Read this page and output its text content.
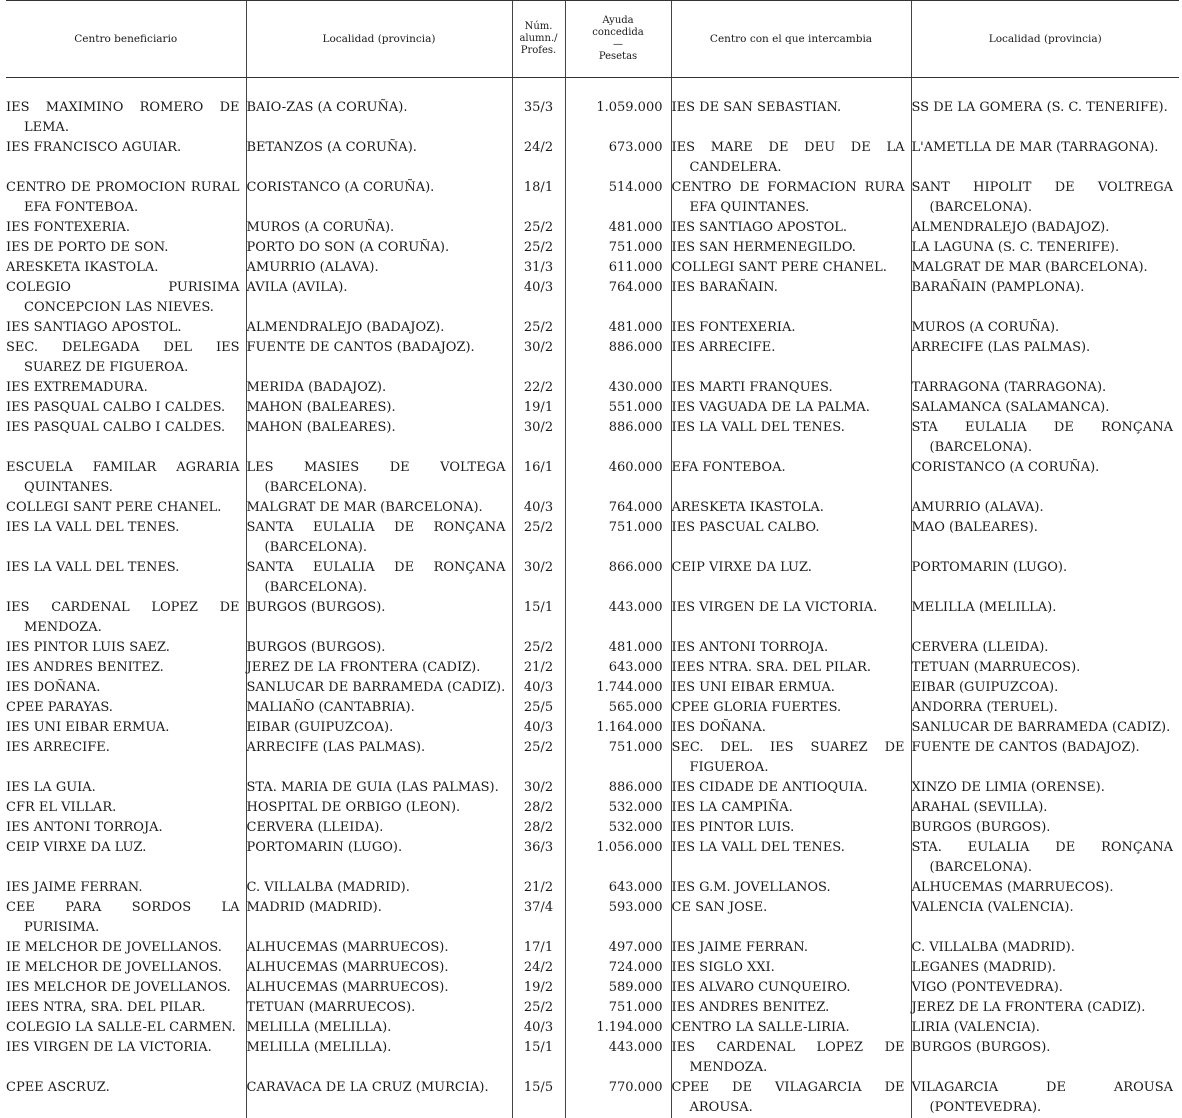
Centro beneficiario	Localidad (provincia)	Núm.
alumn./
Profes.	Ayuda
concedida
—
Pesetas	Centro con el que intercambia	Localidad (provincia)

IES MAXIMINO ROMERO DE LEMA.	BAIO-ZAS (A CORUÑA).	35/3	1.059.000	IES DE SAN SEBASTIAN.	SS DE LA GOMERA (S. C. TENERIFE).
IES FRANCISCO AGUIAR.	BETANZOS (A CORUÑA).	24/2	673.000	IES MARE DE DEU DE LA CANDELERA.	L'AMETLLA DE MAR (TARRAGONA).
CENTRO DE PROMOCION RURAL EFA FONTEBOA.	CORISTANCO (A CORUÑA).	18/1	514.000	CENTRO DE FORMACION RURA EFA QUINTANES.	SANT HIPOLIT DE VOLTREGA (BARCELONA).
IES FONTEXERIA.	MUROS (A CORUÑA).	25/2	481.000	IES SANTIAGO APOSTOL.	ALMENDRALEJO (BADAJOZ).
IES DE PORTO DE SON.	PORTO DO SON (A CORUÑA).	25/2	751.000	IES SAN HERMENEGILDO.	LA LAGUNA (S. C. TENERIFE).
ARESKETA IKASTOLA.	AMURRIO (ALAVA).	31/3	611.000	COLLEGI SANT PERE CHANEL.	MALGRAT DE MAR (BARCELONA).
COLEGIO PURISIMA CONCEPCION LAS NIEVES.	AVILA (AVILA).	40/3	764.000	IES BARAÑAIN.	BARAÑAIN (PAMPLONA).
IES SANTIAGO APOSTOL.	ALMENDRALEJO (BADAJOZ).	25/2	481.000	IES FONTEXERIA.	MUROS (A CORUÑA).
SEC. DELEGADA DEL IES SUAREZ DE FIGUEROA.	FUENTE DE CANTOS (BADAJOZ).	30/2	886.000	IES ARRECIFE.	ARRECIFE (LAS PALMAS).
IES EXTREMADURA.	MERIDA (BADAJOZ).	22/2	430.000	IES MARTI FRANQUES.	TARRAGONA (TARRAGONA).
IES PASQUAL CALBO I CALDES.	MAHON (BALEARES).	19/1	551.000	IES VAGUADA DE LA PALMA.	SALAMANCA (SALAMANCA).
IES PASQUAL CALBO I CALDES.	MAHON (BALEARES).	30/2	886.000	IES LA VALL DEL TENES.	STA EULALIA DE RONÇANA (BARCELONA).
ESCUELA FAMILAR AGRARIA QUINTANES.	LES MASIES DE VOLTEGA (BARCELONA).	16/1	460.000	EFA FONTEBOA.	CORISTANCO (A CORUÑA).
COLLEGI SANT PERE CHANEL.	MALGRAT DE MAR (BARCELONA).	40/3	764.000	ARESKETA IKASTOLA.	AMURRIO (ALAVA).
IES LA VALL DEL TENES.	SANTA EULALIA DE RONÇANA (BARCELONA).	25/2	751.000	IES PASCUAL CALBO.	MAO (BALEARES).
IES LA VALL DEL TENES.	SANTA EULALIA DE RONÇANA (BARCELONA).	30/2	866.000	CEIP VIRXE DA LUZ.	PORTOMARIN (LUGO).
IES CARDENAL LOPEZ DE MENDOZA.	BURGOS (BURGOS).	15/1	443.000	IES VIRGEN DE LA VICTORIA.	MELILLA (MELILLA).
IES PINTOR LUIS SAEZ.	BURGOS (BURGOS).	25/2	481.000	IES ANTONI TORROJA.	CERVERA (LLEIDA).
IES ANDRES BENITEZ.	JEREZ DE LA FRONTERA (CADIZ).	21/2	643.000	IEES NTRA. SRA. DEL PILAR.	TETUAN (MARRUECOS).
IES DOÑANA.	SANLUCAR DE BARRAMEDA (CADIZ).	40/3	1.744.000	IES UNI EIBAR ERMUA.	EIBAR (GUIPUZCOA).
CPEE PARAYAS.	MALIAÑO (CANTABRIA).	25/5	565.000	CPEE GLORIA FUERTES.	ANDORRA (TERUEL).
IES UNI EIBAR ERMUA.	EIBAR (GUIPUZCOA).	40/3	1.164.000	IES DOÑANA.	SANLUCAR DE BARRAMEDA (CADIZ).
IES ARRECIFE.	ARRECIFE (LAS PALMAS).	25/2	751.000	SEC. DEL. IES SUAREZ DE FIGUEROA.	FUENTE DE CANTOS (BADAJOZ).
IES LA GUIA.	STA. MARIA DE GUIA (LAS PALMAS).	30/2	886.000	IES CIDADE DE ANTIOQUIA.	XINZO DE LIMIA (ORENSE).
CFR EL VILLAR.	HOSPITAL DE ORBIGO (LEON).	28/2	532.000	IES LA CAMPIÑA.	ARAHAL (SEVILLA).
IES ANTONI TORROJA.	CERVERA (LLEIDA).	28/2	532.000	IES PINTOR LUIS.	BURGOS (BURGOS).
CEIP VIRXE DA LUZ.	PORTOMARIN (LUGO).	36/3	1.056.000	IES LA VALL DEL TENES.	STA. EULALIA DE RONÇANA (BARCELONA).
IES JAIME FERRAN.	C. VILLALBA (MADRID).	21/2	643.000	IES G.M. JOVELLANOS.	ALHUCEMAS (MARRUECOS).
CEE PARA SORDOS LA PURISIMA.	MADRID (MADRID).	37/4	593.000	CE SAN JOSE.	VALENCIA (VALENCIA).
IE MELCHOR DE JOVELLANOS.	ALHUCEMAS (MARRUECOS).	17/1	497.000	IES JAIME FERRAN.	C. VILLALBA (MADRID).
IE MELCHOR DE JOVELLANOS.	ALHUCEMAS (MARRUECOS).	24/2	724.000	IES SIGLO XXI.	LEGANES (MADRID).
IES MELCHOR DE JOVELLANOS.	ALHUCEMAS (MARRUECOS).	19/2	589.000	IES ALVARO CUNQUEIRO.	VIGO (PONTEVEDRA).
IEES NTRA, SRA. DEL PILAR.	TETUAN (MARRUECOS).	25/2	751.000	IES ANDRES BENITEZ.	JEREZ DE LA FRONTERA (CADIZ).
COLEGIO LA SALLE-EL CARMEN.	MELILLA (MELILLA).	40/3	1.194.000	CENTRO LA SALLE-LIRIA.	LIRIA (VALENCIA).
IES VIRGEN DE LA VICTORIA.	MELILLA (MELILLA).	15/1	443.000	IES CARDENAL LOPEZ DE MENDOZA.	BURGOS (BURGOS).
CPEE ASCRUZ.	CARAVACA DE LA CRUZ (MURCIA).	15/5	770.000	CPEE DE VILAGARCIA DE AROUSA.	VILAGARCIA DE AROUSA (PONTEVEDRA).
